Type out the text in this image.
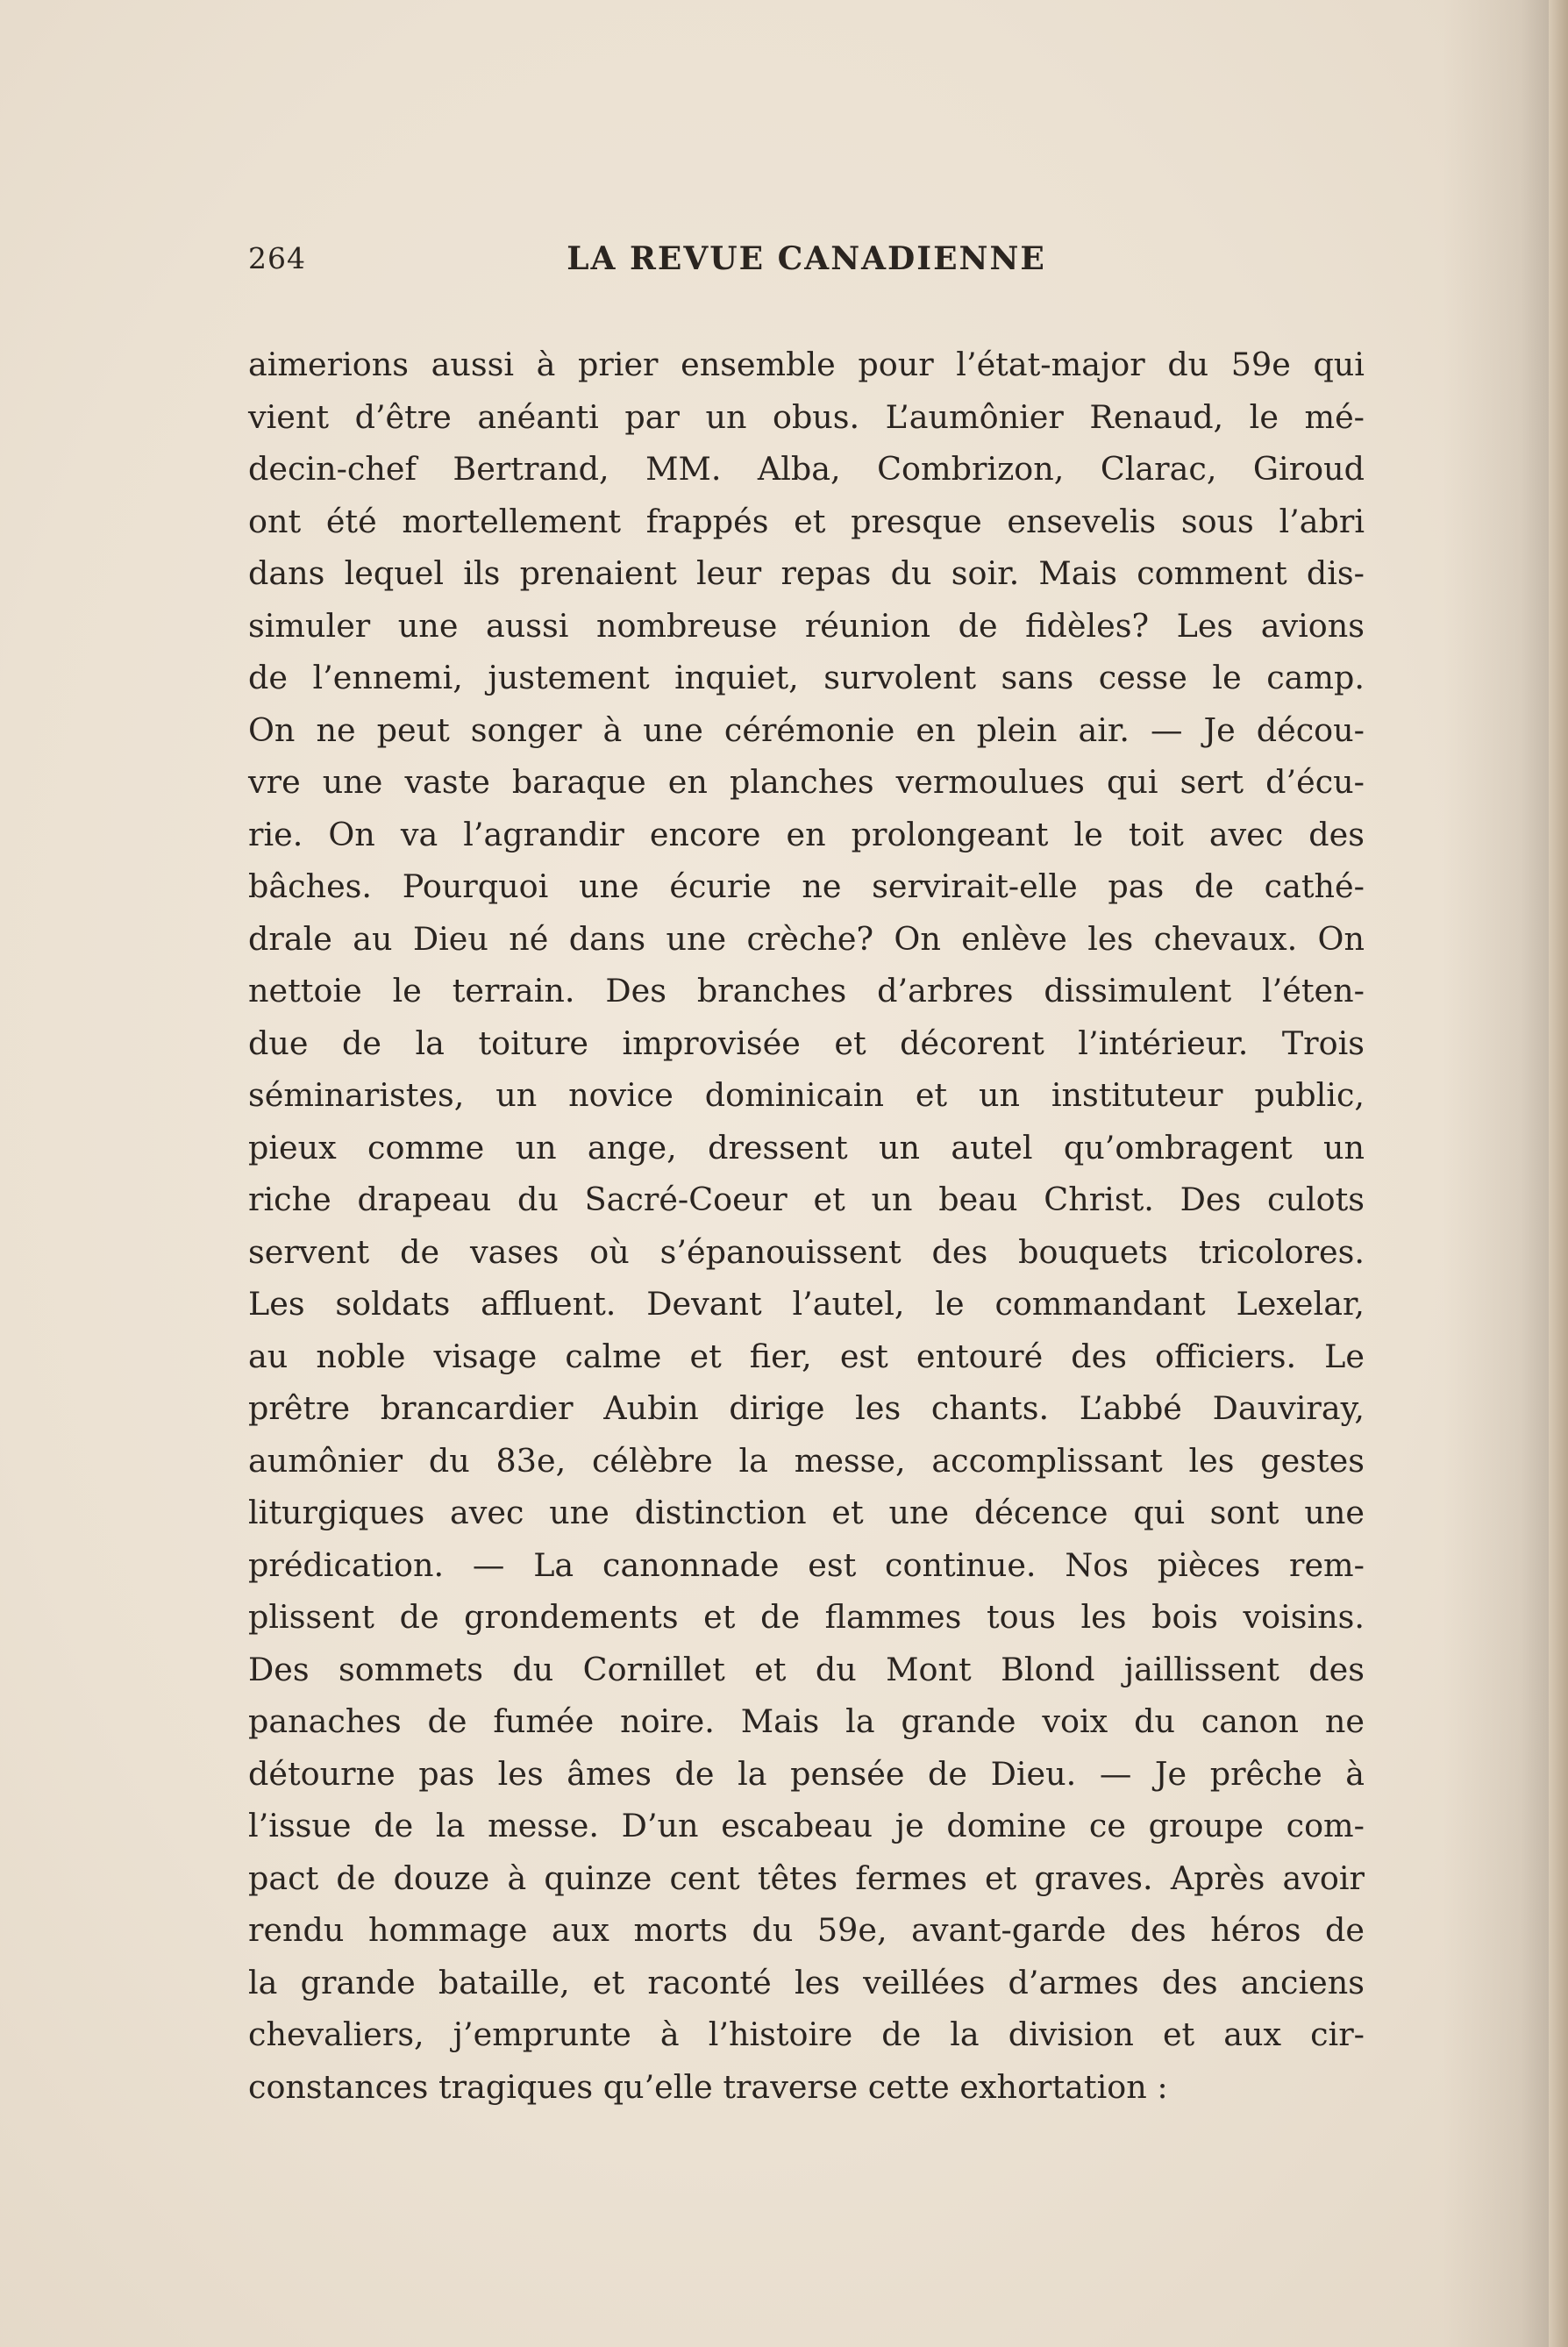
264	LA REVUE CANADIENNE
aimerions aussi à prier ensemble pour l’état-major du 59e qui
vient d’être anéanti par un obus. L’aumônier Renaud, le mé-
decin-chef Bertrand, MM. Alba, Combrizon, Clarac, Giroud
ont été mortellement frappés et presque ensevelis sous l’abri
dans lequel ils prenaient leur repas du soir. Mais comment dis-
simuler une aussi nombreuse réunion de fidèles? Les avions
de l’ennemi, justement inquiet, survolent sans cesse le camp.
On ne peut songer à une cérémonie en plein air. — Je décou-
vre une vaste baraque en planches vermoulues qui sert d’écu-
rie. On va l’agrandir encore en prolongeant le toit avec des
bâches. Pourquoi une écurie ne servirait-elle pas de cathé-
drale au Dieu né dans une crèche? On enlève les chevaux. On
nettoie le terrain. Des branches d’arbres dissimulent l’éten-
due de la toiture improvisée et décorent l’intérieur. Trois
séminaristes, un novice dominicain et un instituteur public,
pieux comme un ange, dressent un autel qu’ombragent un
riche drapeau du Sacré-Coeur et un beau Christ. Des culots
servent de vases où s’épanouissent des bouquets tricolores.
Les soldats affluent. Devant l’autel, le commandant Lexelar,
au noble visage calme et fier, est entouré des officiers. Le
prêtre brancardier Aubin dirige les chants. L’abbé Dauviray,
aumônier du 83e, célèbre la messe, accomplissant les gestes
liturgiques avec une distinction et une décence qui sont une
prédication. — La canonnade est continue. Nos pièces rem-
plissent de grondements et de flammes tous les bois voisins.
Des sommets du Cornillet et du Mont Blond jaillissent des
panaches de fumée noire. Mais la grande voix du canon ne
détourne pas les âmes de la pensée de Dieu. — Je prêche à
l’issue de la messe. D’un escabeau je domine ce groupe com-
pact de douze à quinze cent têtes fermes et graves. Après avoir
rendu hommage aux morts du 59e, avant-garde des héros de
la grande bataille, et raconté les veillées d’armes des anciens
chevaliers, j’emprunte à l’histoire de la division et aux cir-
constances tragiques qu’elle traverse cette exhortation :
